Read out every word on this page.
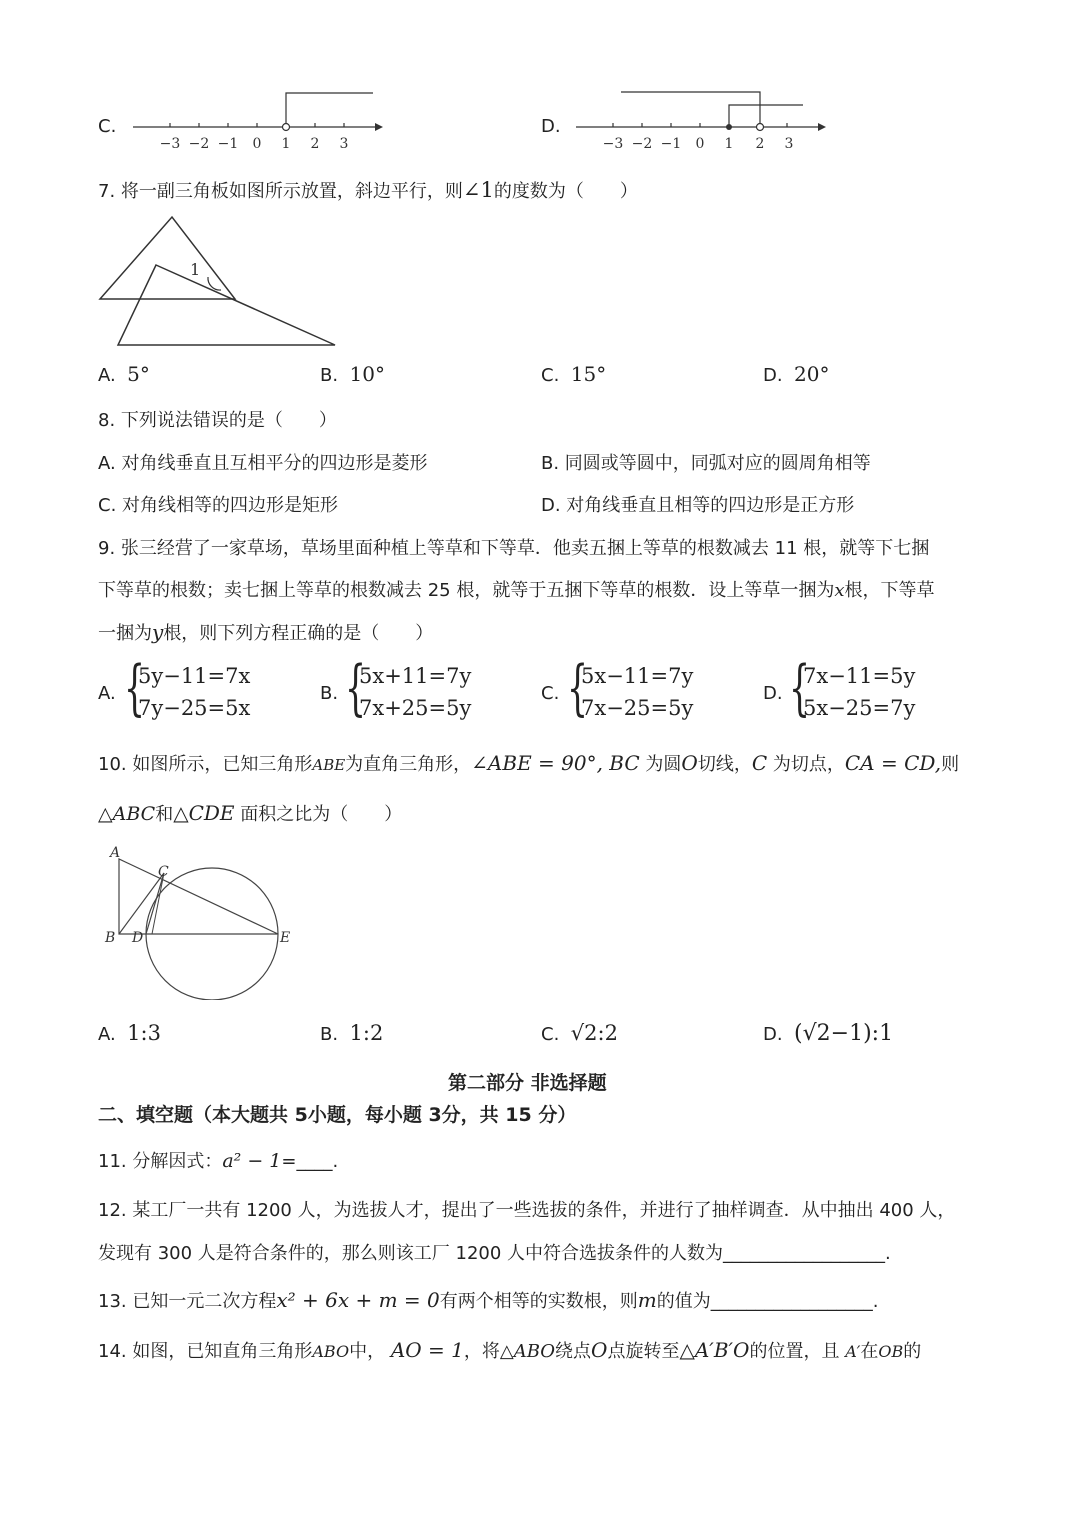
C.
−3 −2 −1 0 1 2 3
D.
−3 −2 −1 0 1 2 3
7. 将一副三角板如图所示放置，斜边平行，则∠1的度数为（　　）
1
A. 5°	B. 10°	C. 15°	D. 20°
8. 下列说法错误的是（　　）
A. 对角线垂直且互相平分的四边形是菱形	B. 同圆或等圆中，同弧对应的圆周角相等
C. 对角线相等的四边形是矩形	D. 对角线垂直且相等的四边形是正方形
9. 张三经营了一家草场，草场里面种植上等草和下等草．他卖五捆上等草的根数减去 11 根，就等下七捆
下等草的根数；卖七捆上等草的根数减去 25 根，就等于五捆下等草的根数．设上等草一捆为x根，下等草
一捆为y根，则下列方程正确的是（　　）
A. {
5y−11=7x
7y−25=5x
B. {
5x+11=7y
7x+25=5y
C. {
5x−11=7y
7x−25=5y
D. {
7x−11=5y
5x−25=7y
10. 如图所示，已知三角形ABE为直角三角形，∠ABE = 90°, BC 为圆O切线，C 为切点，CA = CD,则
△ABC和△CDE 面积之比为（　　）
A
C
B D	E
A. 1:3	B. 1:2	C. √2:2	D. (√2−1):1
第二部分 非选择题
二、填空题（本大题共 5小题，每小题 3分，共 15 分）
11. 分解因式：a² − 1=____.
12. 某工厂一共有 1200 人，为选拔人才，提出了一些选拔的条件，并进行了抽样调查．从中抽出 400 人，
发现有 300 人是符合条件的，那么则该工厂 1200 人中符合选拔条件的人数为__________________.
13. 已知一元二次方程x² + 6x + m = 0有两个相等的实数根，则m的值为__________________.
14. 如图，已知直角三角形ABO中， AO = 1，将△ABO绕点O点旋转至△A′B′O的位置，且 A′在OB的
